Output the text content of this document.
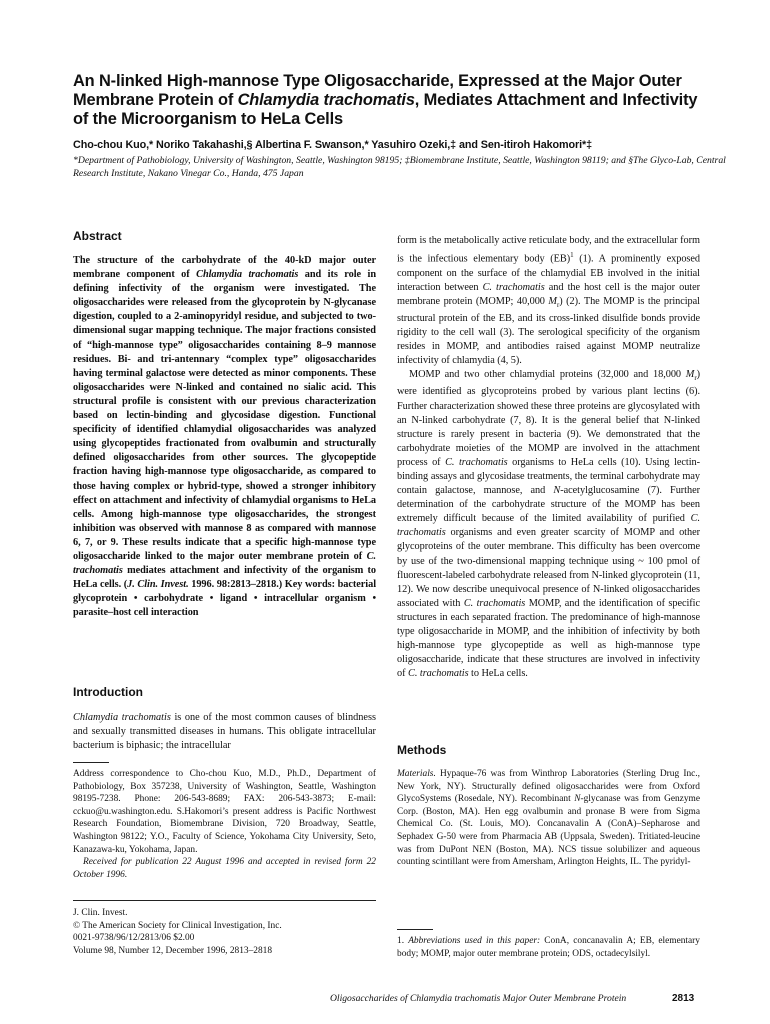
An N-linked High-mannose Type Oligosaccharide, Expressed at the Major Outer Membrane Protein of Chlamydia trachomatis, Mediates Attachment and Infectivity of the Microorganism to HeLa Cells
Cho-chou Kuo,* Noriko Takahashi,§ Albertina F. Swanson,* Yasuhiro Ozeki,‡ and Sen-itiroh Hakomori*‡
*Department of Pathobiology, University of Washington, Seattle, Washington 98195; ‡Biomembrane Institute, Seattle, Washington 98119; and §The Glyco-Lab, Central Research Institute, Nakano Vinegar Co., Handa, 475 Japan
Abstract
The structure of the carbohydrate of the 40-kD major outer membrane component of Chlamydia trachomatis and its role in defining infectivity of the organism were investigated. The oligosaccharides were released from the glycoprotein by N-glycanase digestion, coupled to a 2-aminopyridyl residue, and subjected to two-dimensional sugar mapping technique. The major fractions consisted of “high-mannose type” oligosaccharides containing 8–9 mannose residues. Bi- and tri-antennary “complex type” oligosaccharides having terminal galactose were detected as minor components. These oligosaccharides were N-linked and contained no sialic acid. This structural profile is consistent with our previous characterization based on lectin-binding and glycosidase digestion. Functional specificity of identified chlamydial oligosaccharides was analyzed using glycopeptides fractionated from ovalbumin and structurally defined oligosaccharides from other sources. The glycopeptide fraction having high-mannose type oligosaccharide, as compared to those having complex or hybrid-type, showed a stronger inhibitory effect on attachment and infectivity of chlamydial organisms to HeLa cells. Among high-mannose type oligosaccharides, the strongest inhibition was observed with mannose 8 as compared with mannose 6, 7, or 9. These results indicate that a specific high-mannose type oligosaccharide linked to the major outer membrane protein of C. trachomatis mediates attachment and infectivity of the organism to HeLa cells. (J. Clin. Invest. 1996. 98:2813–2818.) Key words: bacterial glycoprotein • carbohydrate • ligand • intracellular organism • parasite–host cell interaction
Introduction
Chlamydia trachomatis is one of the most common causes of blindness and sexually transmitted diseases in humans. This obligate intracellular bacterium is biphasic; the intracellular
Address correspondence to Cho-chou Kuo, M.D., Ph.D., Department of Pathobiology, Box 357238, University of Washington, Seattle, Washington 98195-7238. Phone: 206-543-8689; FAX: 206-543-3873; E-mail: cckuo@u.washington.edu. S.Hakomori’s present address is Pacific Northwest Research Foundation, Biomembrane Division, 720 Broadway, Seattle, Washington 98122; Y.O., Faculty of Science, Yokohama City University, Seto, Kanazawa-ku, Yokohama, Japan.
Received for publication 22 August 1996 and accepted in revised form 22 October 1996.
J. Clin. Invest.
© The American Society for Clinical Investigation, Inc.
0021-9738/96/12/2813/06 $2.00
Volume 98, Number 12, December 1996, 2813–2818

form is the metabolically active reticulate body, and the extracellular form is the infectious elementary body (EB)$^1$ (1). A prominently exposed component on the surface of the chlamydial EB involved in the initial interaction between C. trachomatis and the host cell is the major outer membrane protein (MOMP; 40,000 $M_r$) (2). The MOMP is the principal structural protein of the EB, and its cross-linked disulfide bonds provide rigidity to the cell wall (3). The serological specificity of the organism resides in MOMP, and antibodies raised against MOMP neutralize infectivity of chlamydia (4, 5).

MOMP and two other chlamydial proteins (32,000 and 18,000 $M_r$) were identified as glycoproteins probed by various plant lectins (6). Further characterization showed these three proteins are glycosylated with an N-linked carbohydrate (7, 8). It is the general belief that N-linked structure is rarely present in bacteria (9). We demonstrated that the carbohydrate moieties of the MOMP are involved in the attachment process of C. trachomatis organisms to HeLa cells (10). Using lectin-binding assays and glycosidase treatments, the terminal carbohydrate may contain galactose, mannose, and N-acetylglucosamine (7). Further determination of the carbohydrate structure of the MOMP has been extremely difficult because of the limited availability of purified C. trachomatis organisms and even greater scarcity of MOMP and other glycoproteins of the outer membrane. This difficulty has been overcome by use of the two-dimensional mapping technique using ~ 100 pmol of fluorescent-labeled carbohydrate released from N-linked glycoprotein (11, 12). We now describe unequivocal presence of N-linked oligosaccharides associated with C. trachomatis MOMP, and the identification of specific structures in each separated fraction. The predominance of high-mannose type oligosaccharide in MOMP, and the inhibition of infectivity by both high-mannose type glycopeptide as well as high-mannose type oligosaccharide, indicate that these structures are involved in infectivity of C. trachomatis to HeLa cells.

Methods
Materials. Hypaque-76 was from Winthrop Laboratories (Sterling Drug Inc., New York, NY). Structurally defined oligosaccharides were from Oxford GlycoSystems (Rosedale, NY). Recombinant N-glycanase was from Genzyme Corp. (Boston, MA). Hen egg ovalbumin and pronase B were from Sigma Chemical Co. (St. Louis, MO). Concanavalin A (ConA)–Sepharose and Sephadex G-50 were from Pharmacia AB (Uppsala, Sweden). Tritiated-leucine was from DuPont NEN (Boston, MA). NCS tissue solubilizer and aqueous counting scintillant were from Amersham, Arlington Heights, IL. The pyridyl-
1. Abbreviations used in this paper: ConA, concanavalin A; EB, elementary body; MOMP, major outer membrane protein; ODS, octadecylsilyl.
Oligosaccharides of Chlamydia trachomatis Major Outer Membrane Protein	2813
